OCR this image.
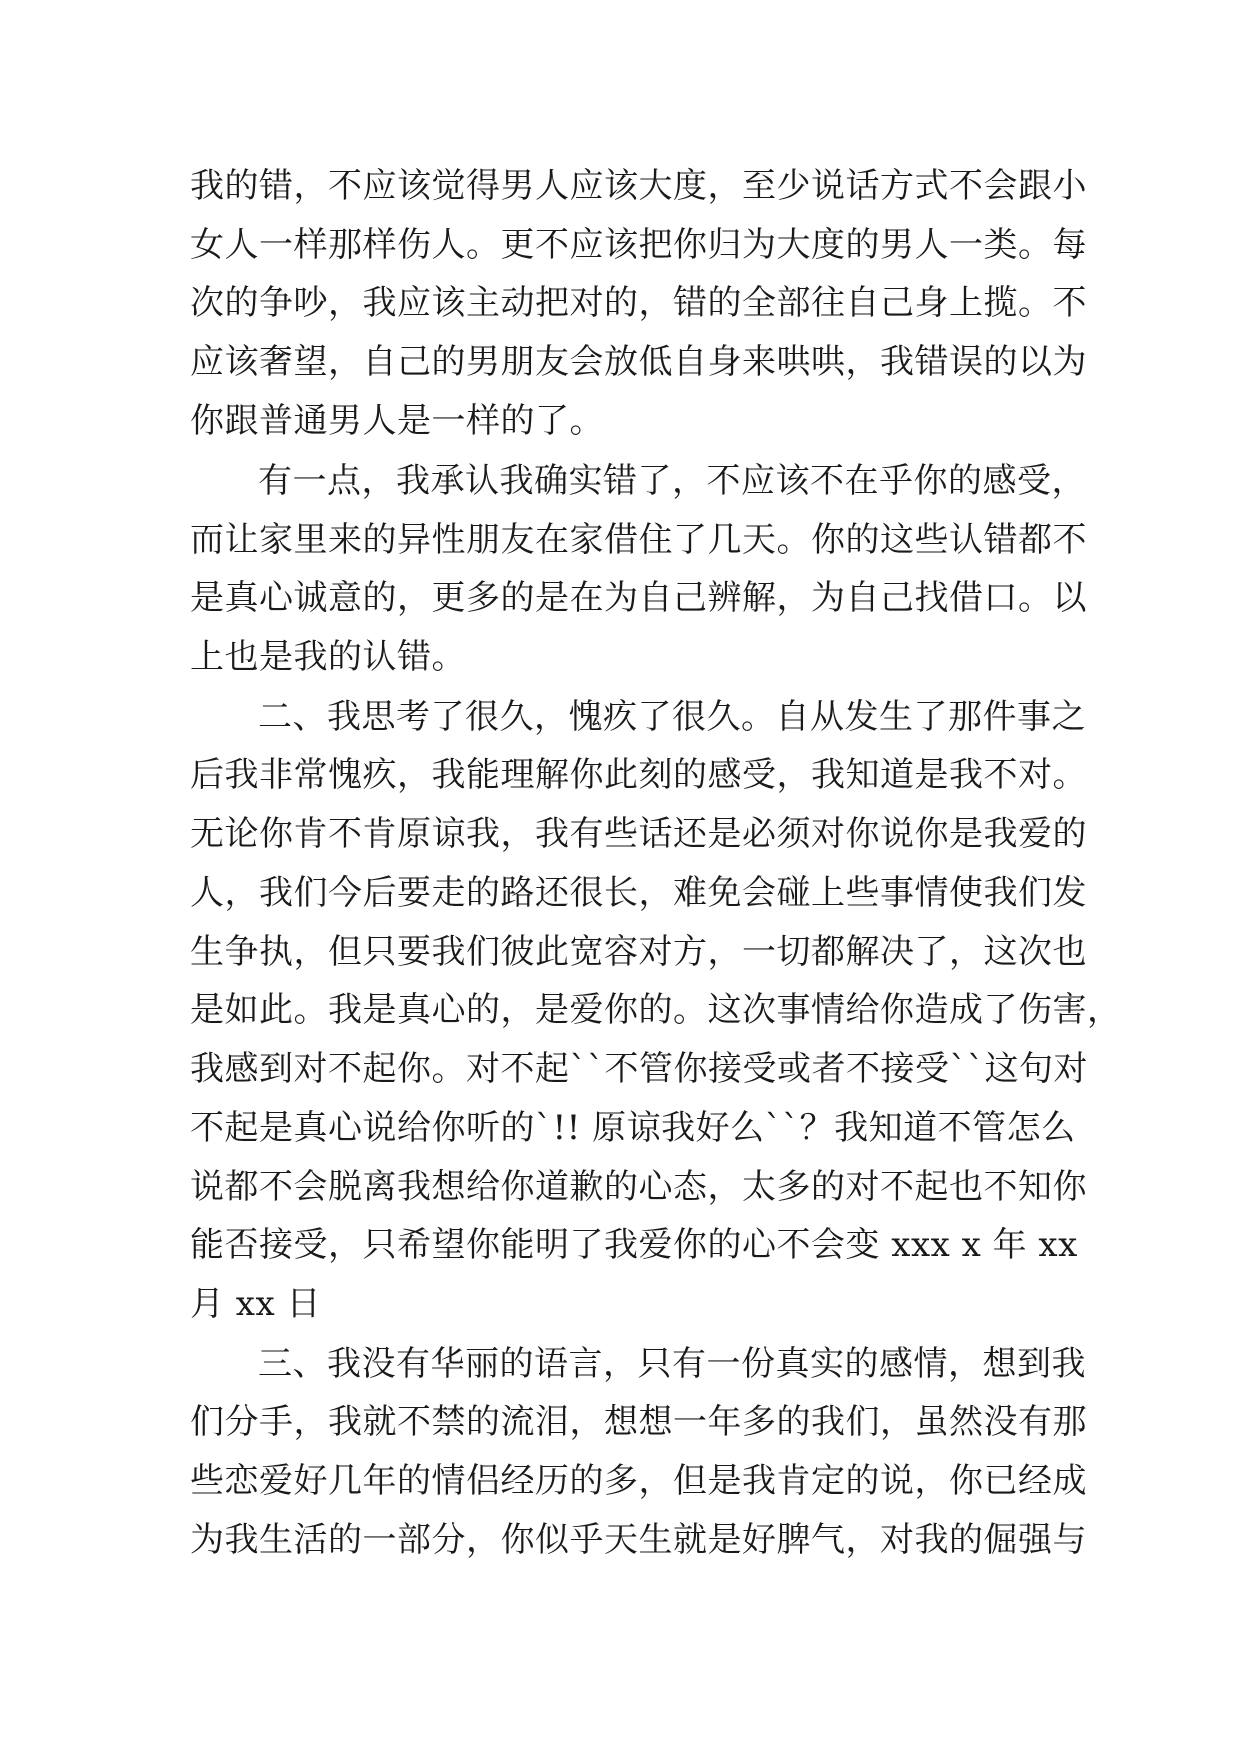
我的错，不应该觉得男人应该大度，至少说话方式不会跟小
女人一样那样伤人。更不应该把你归为大度的男人一类。每
次的争吵，我应该主动把对的，错的全部往自己身上揽。不
应该奢望，自己的男朋友会放低自身来哄哄，我错误的以为
你跟普通男人是一样的了。
有一点，我承认我确实错了，不应该不在乎你的感受，
而让家里来的异性朋友在家借住了几天。你的这些认错都不
是真心诚意的，更多的是在为自己辨解，为自己找借口。以
上也是我的认错。
二、我思考了很久，愧疚了很久。自从发生了那件事之
后我非常愧疚，我能理解你此刻的感受，我知道是我不对。
无论你肯不肯原谅我，我有些话还是必须对你说你是我爱的
人，我们今后要走的路还很长，难免会碰上些事情使我们发
生争执，但只要我们彼此宽容对方，一切都解决了，这次也
是如此。我是真心的，是爱你的。这次事情给你造成了伤害，
我感到对不起你。对不起``不管你接受或者不接受``这句对
不起是真心说给你听的`!! 原谅我好么``？我知道不管怎么
说都不会脱离我想给你道歉的心态，太多的对不起也不知你
能否接受，只希望你能明了我爱你的心不会变 xxx x 年 xx
月 xx 日
三、我没有华丽的语言，只有一份真实的感情，想到我
们分手，我就不禁的流泪，想想一年多的我们，虽然没有那
些恋爱好几年的情侣经历的多，但是我肯定的说，你已经成
为我生活的一部分，你似乎天生就是好脾气，对我的倔强与
